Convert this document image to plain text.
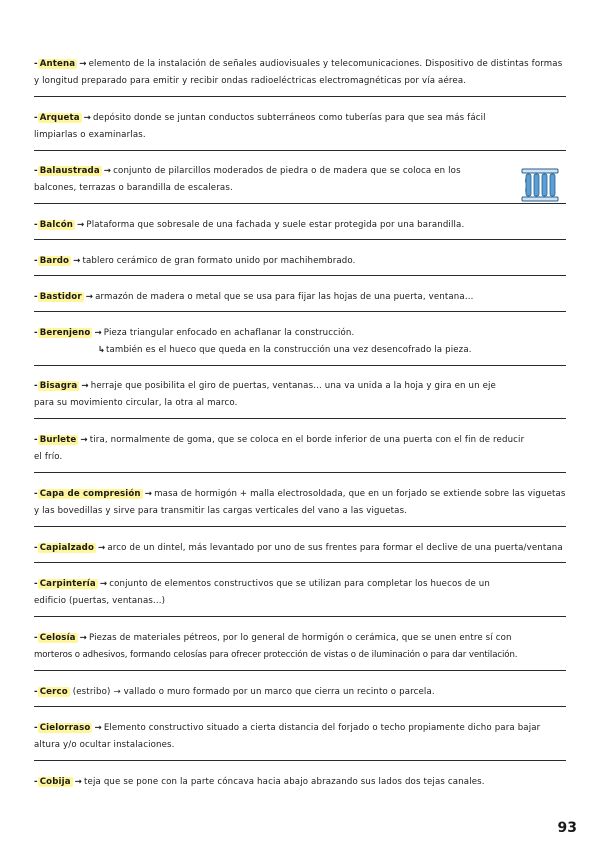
- Antena → elemento de la instalación de señales audiovisuales y telecomunicaciones. Dispositivo de distintas formas
y longitud preparado para emitir y recibir ondas radioeléctricas electromagnéticas por vía aérea.
- Arqueta → depósito donde se juntan conductos subterráneos como tuberías para que sea más fácil
limpiarlas o examinarlas.
- Balaustrada → conjunto de pilarcillos moderados de piedra o de madera que se coloca en los
balcones, terrazas o barandilla de escaleras.
- Balcón → Plataforma que sobresale de una fachada y suele estar protegida por una barandilla.
- Bardo → tablero cerámico de gran formato unido por machihembrado.
- Bastidor → armazón de madera o metal que se usa para fijar las hojas de una puerta, ventana...
- Berenjeno → Pieza triangular enfocado en achaflanar la construcción.
↳también es el hueco que queda en la construcción una vez desencofrado la pieza.
- Bisagra → herraje que posibilita el giro de puertas, ventanas... una va unida a la hoja y gira en un eje
para su movimiento circular, la otra al marco.
- Burlete → tira, normalmente de goma, que se coloca en el borde inferior de una puerta con el fin de reducir
el frío.
- Capa de compresión → masa de hormigón + malla electrosoldada, que en un forjado se extiende sobre las viguetas
y las bovedillas y sirve para transmitir las cargas verticales del vano a las viguetas.
- Capialzado → arco de un dintel, más levantado por uno de sus frentes para formar el declive de una puerta/ventana
- Carpintería → conjunto de elementos constructivos que se utilizan para completar los huecos de un
edificio (puertas, ventanas...)
- Celosía → Piezas de materiales pétreos, por lo general de hormigón o cerámica, que se unen entre sí con
morteros o adhesivos, formando celosías para ofrecer protección de vistas o de iluminación o para dar ventilación.
- Cerco (estribo) → vallado o muro formado por un marco que cierra un recinto o parcela.
- Cielorraso → Elemento constructivo situado a cierta distancia del forjado o techo propiamente dicho para bajar
altura y/o ocultar instalaciones.
- Cobija → teja que se pone con la parte cóncava hacia abajo abrazando sus lados dos tejas canales.
93
